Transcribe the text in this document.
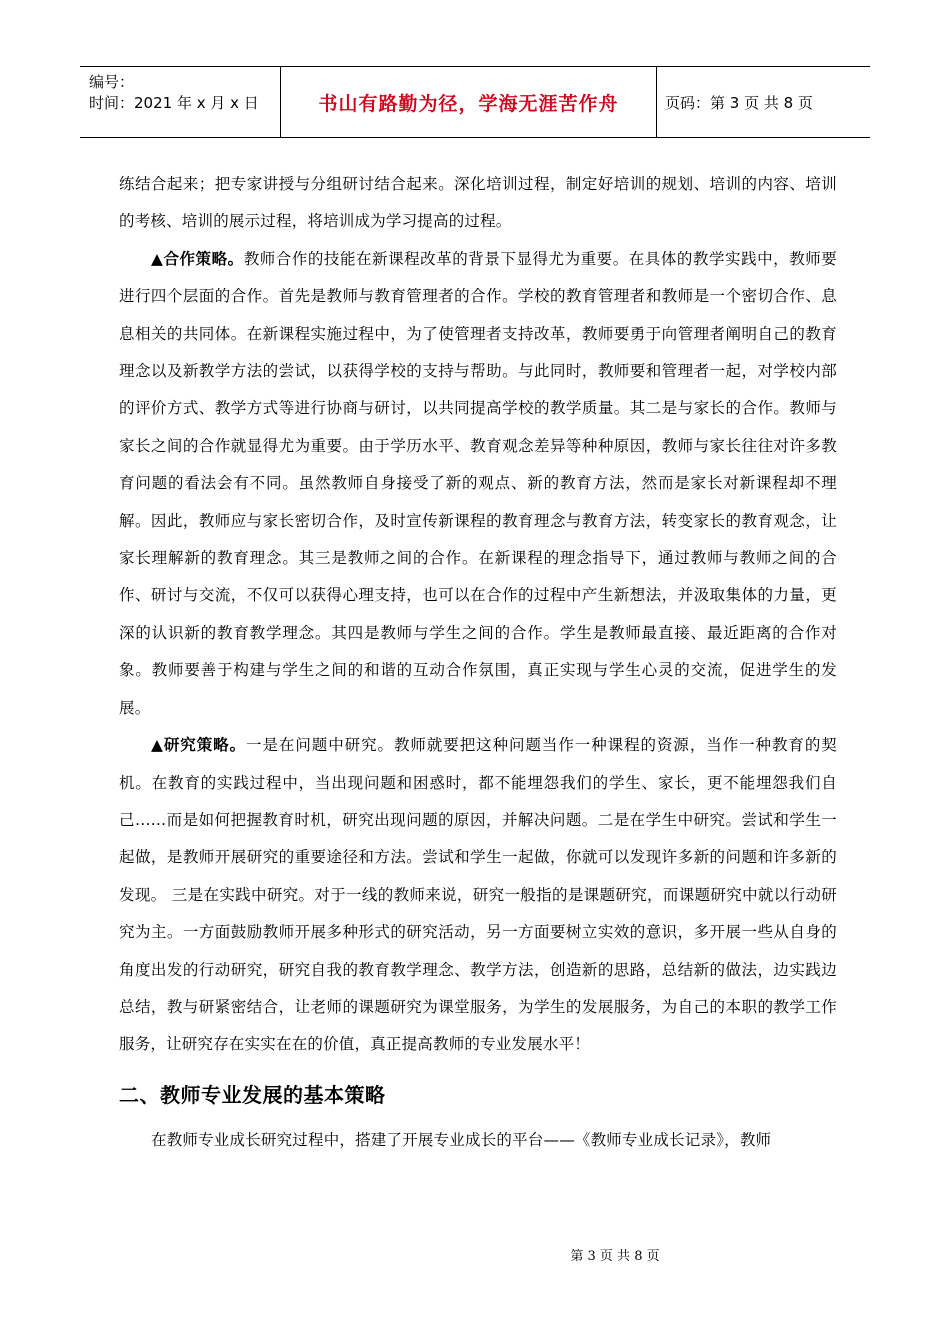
编号：
时间：2021 年 x 月 x 日	书山有路勤为径，学海无涯苦作舟	页码：第 3 页 共 8 页

练结合起来；把专家讲授与分组研讨结合起来。深化培训过程，制定好培训的规划、培训的内容、培训的考核、培训的展示过程，将培训成为学习提高的过程。

▲合作策略。教师合作的技能在新课程改革的背景下显得尤为重要。在具体的教学实践中，教师要进行四个层面的合作。首先是教师与教育管理者的合作。学校的教育管理者和教师是一个密切合作、息息相关的共同体。在新课程实施过程中，为了使管理者支持改革，教师要勇于向管理者阐明自己的教育理念以及新教学方法的尝试，以获得学校的支持与帮助。与此同时，教师要和管理者一起，对学校内部的评价方式、教学方式等进行协商与研讨，以共同提高学校的教学质量。其二是与家长的合作。教师与家长之间的合作就显得尤为重要。由于学历水平、教育观念差异等种种原因，教师与家长往往对许多教育问题的看法会有不同。虽然教师自身接受了新的观点、新的教育方法，然而是家长对新课程却不理解。因此，教师应与家长密切合作，及时宣传新课程的教育理念与教育方法，转变家长的教育观念，让家长理解新的教育理念。其三是教师之间的合作。在新课程的理念指导下，通过教师与教师之间的合作、研讨与交流，不仅可以获得心理支持，也可以在合作的过程中产生新想法，并汲取集体的力量，更深的认识新的教育教学理念。其四是教师与学生之间的合作。学生是教师最直接、最近距离的合作对象。教师要善于构建与学生之间的和谐的互动合作氛围，真正实现与学生心灵的交流，促进学生的发展。

▲研究策略。一是在问题中研究。教师就要把这种问题当作一种课程的资源，当作一种教育的契机。在教育的实践过程中，当出现问题和困惑时，都不能埋怨我们的学生、家长，更不能埋怨我们自己……而是如何把握教育时机，研究出现问题的原因，并解决问题。二是在学生中研究。尝试和学生一起做，是教师开展研究的重要途径和方法。尝试和学生一起做，你就可以发现许多新的问题和许多新的发现。 三是在实践中研究。对于一线的教师来说，研究一般指的是课题研究，而课题研究中就以行动研究为主。一方面鼓励教师开展多种形式的研究活动，另一方面要树立实效的意识，多开展一些从自身的角度出发的行动研究，研究自我的教育教学理念、教学方法，创造新的思路，总结新的做法，边实践边总结，教与研紧密结合，让老师的课题研究为课堂服务，为学生的发展服务，为自己的本职的教学工作服务，让研究存在实实在在的价值，真正提高教师的专业发展水平！

二、教师专业发展的基本策略

在教师专业成长研究过程中，搭建了开展专业成长的平台——《教师专业成长记录》，教师

第 3 页 共 8 页
